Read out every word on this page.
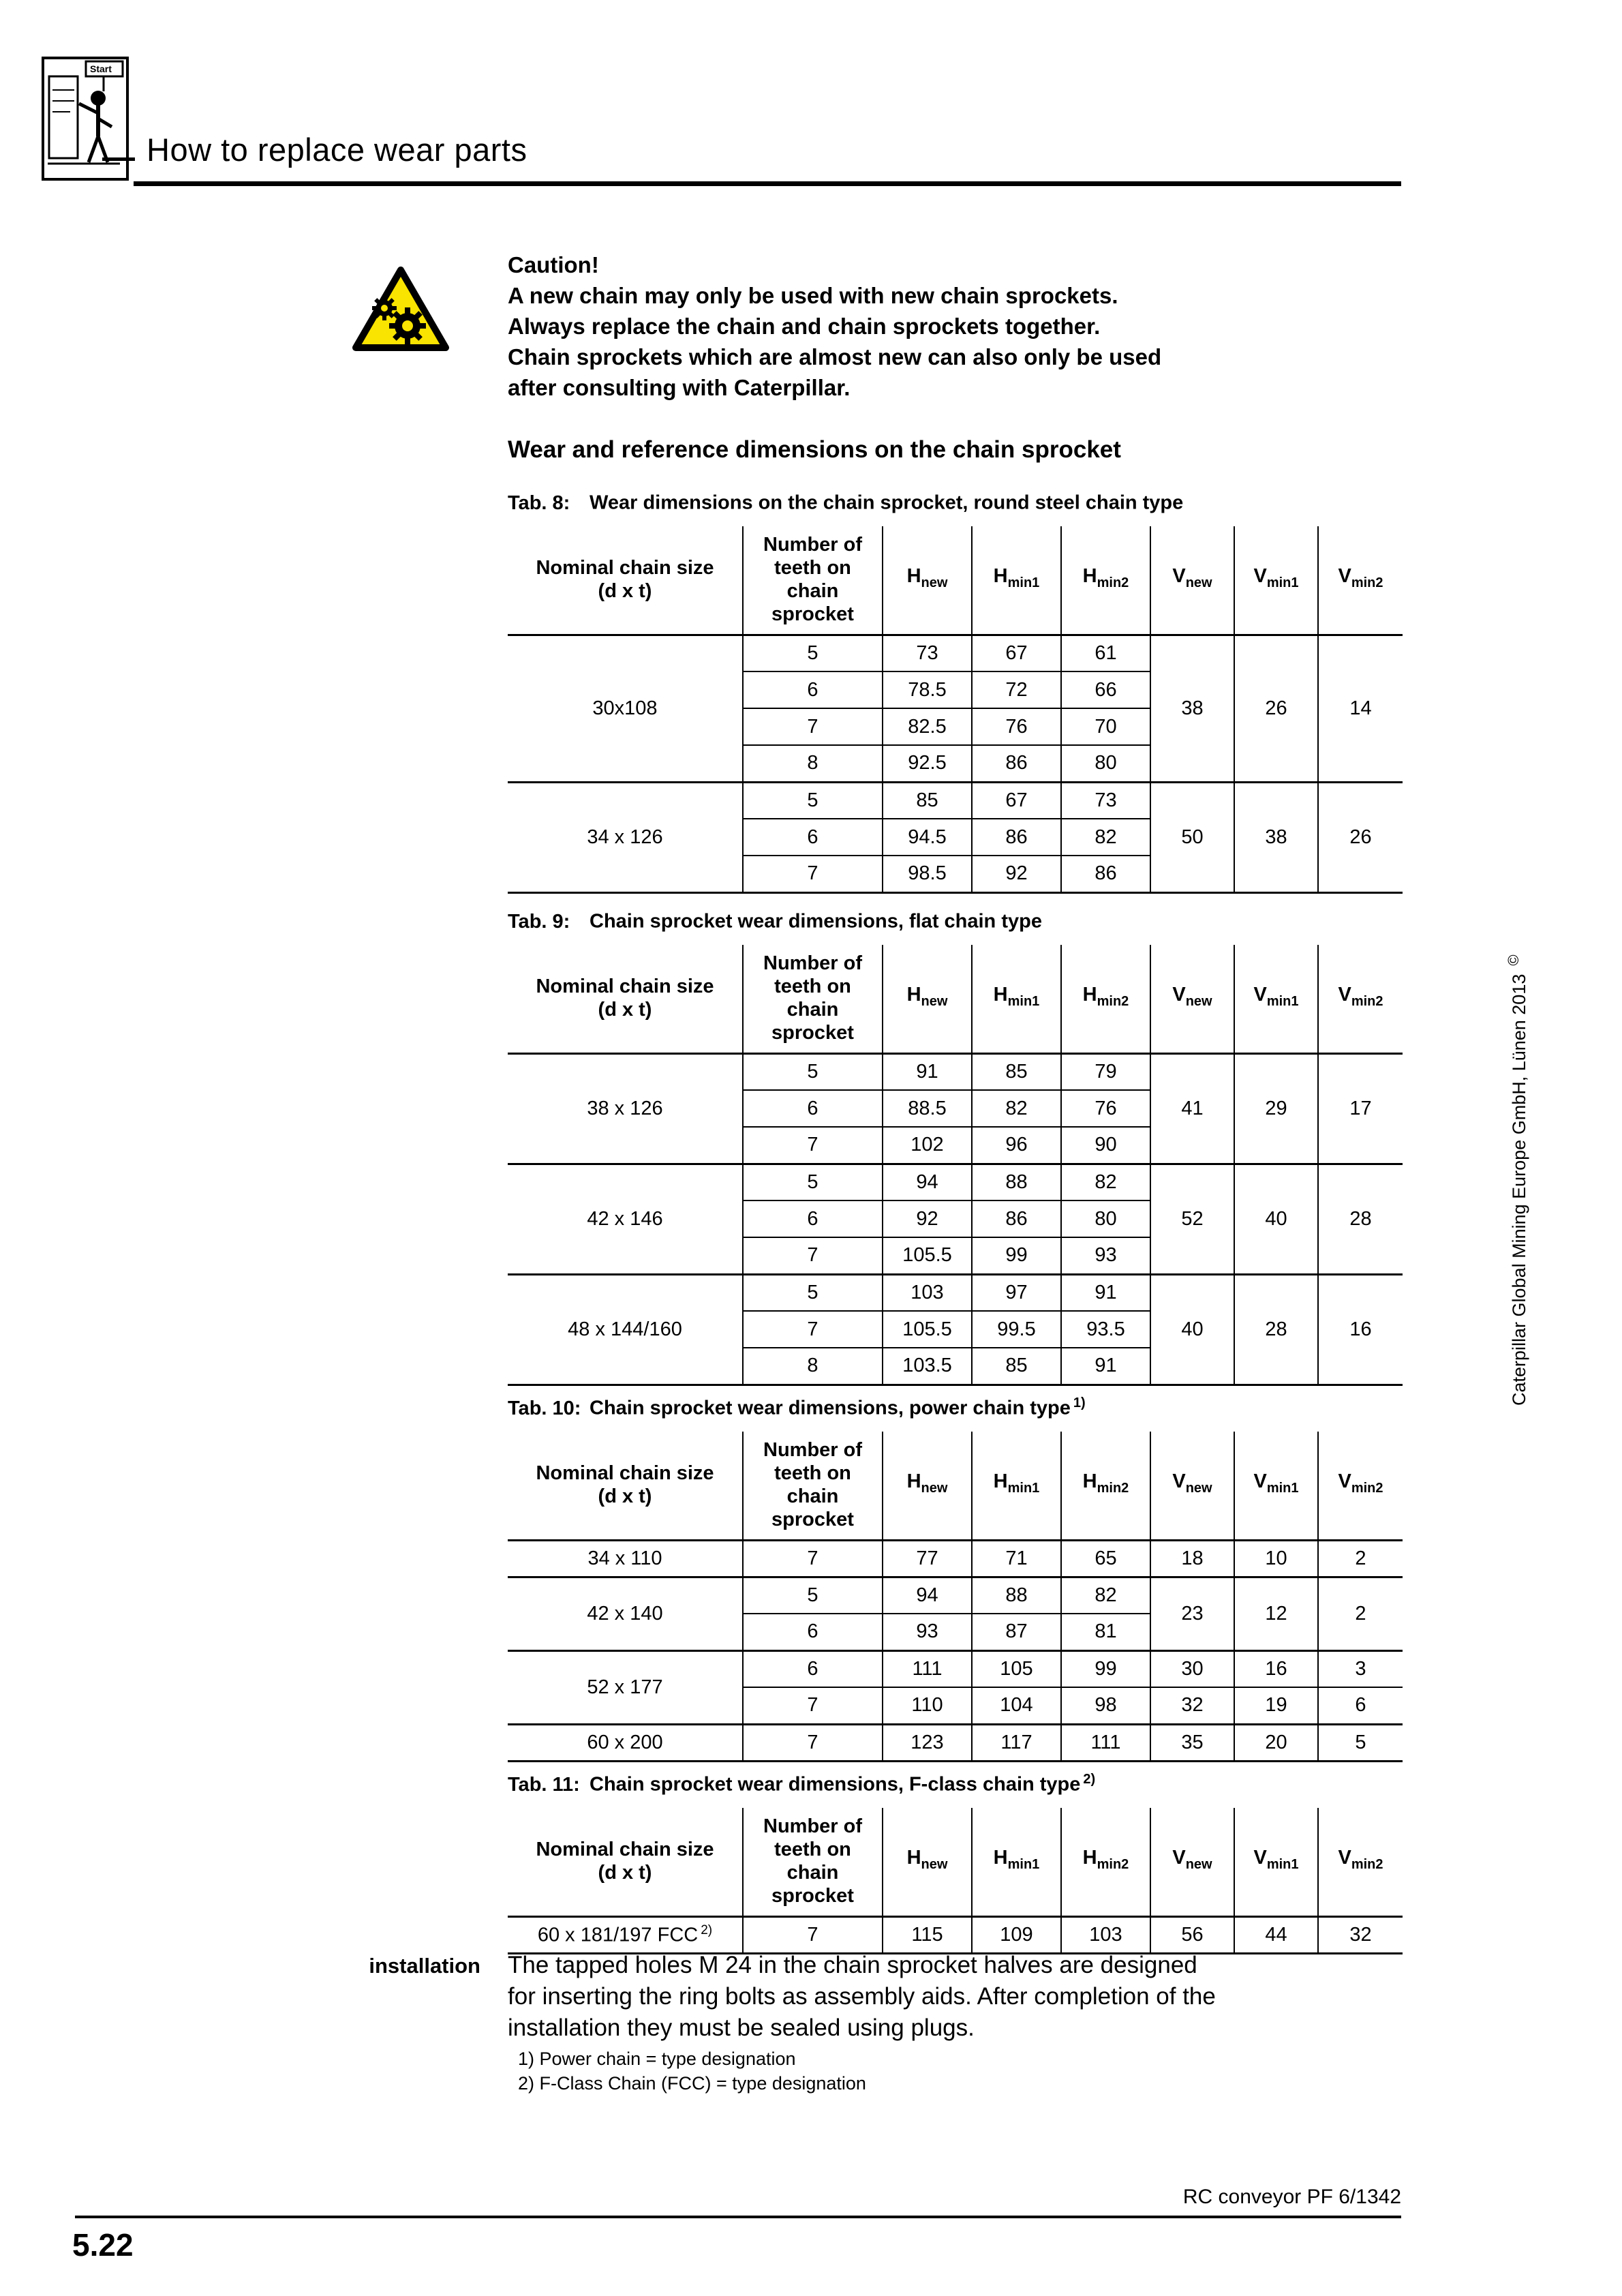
Start
How to replace wear parts
Caution!
A new chain may only be used with new chain sprockets.
Always replace the chain and chain sprockets together.
Chain sprockets which are almost new can also only be used
after consulting with Caterpillar.
Wear and reference dimensions on the chain sprocket

Tab. 8: Wear dimensions on the chain sprocket, round steel chain type

Nominal chain size
(d x t)

Number of
teeth on
chain
sprocket
	$H_{new}$	$H_{min1}$	$H_{min2}$	$V_{new}$	$V_{min1}$	$V_{min2}$
30x108	5	73	67	61	38	26	14
	6	78.5	72	66			
	7	82.5	76	70			
	8	92.5	86	80			
34 x 126	5	85	67	73	50	38	26
	6	94.5	86	82			
	7	98.5	92	86			

Tab. 9: Chain sprocket wear dimensions, flat chain type

Nominal chain size
(d x t)

Number of
teeth on
chain
sprocket
	$H_{new}$	$H_{min1}$	$H_{min2}$	$V_{new}$	$V_{min1}$	$V_{min2}$
38 x 126	5	91	85	79	41	29	17
	6	88.5	82	76			
	7	102	96	90			
42 x 146	5	94	88	82	52	40	28
	6	92	86	80			
	7	105.5	99	93			
48 x 144/160	5	103	97	91	40	28	16
	7	105.5	99.5	93.5			
	8	103.5	85	91			

Tab. 10: Chain sprocket wear dimensions, power chain type $^{1)}$

Nominal chain size
(d x t)

Number of
teeth on
chain
sprocket
	$H_{new}$	$H_{min1}$	$H_{min2}$	$V_{new}$	$V_{min1}$	$V_{min2}$
34 x 110	7	77	71	65	18	10	2
42 x 140	5	94	88	82	23	12	2
	6	93	87	81			
52 x 177	6	111	105	99	30	16	3
	7	110	104	98	32	19	6
60 x 200	7	123	117	111	35	20	5

Tab. 11: Chain sprocket wear dimensions, F-class chain type $^{2)}$

Nominal chain size
(d x t)

Number of
teeth on
chain
sprocket
	$H_{new}$	$H_{min1}$	$H_{min2}$	$V_{new}$	$V_{min1}$	$V_{min2}$
60 x 181/197 FCC $^{2)}$	7	115	109	103	56	44	32
installation The tapped holes M 24 in the chain sprocket halves are designed
for inserting the ring bolts as assembly aids. After completion of the
installation they must be sealed using plugs.
1) Power chain = type designation
2) F-Class Chain (FCC) = type designation
Caterpillar Global Mining Europe GmbH, Lünen 2013©
RC conveyor PF 6/1342
5.22
